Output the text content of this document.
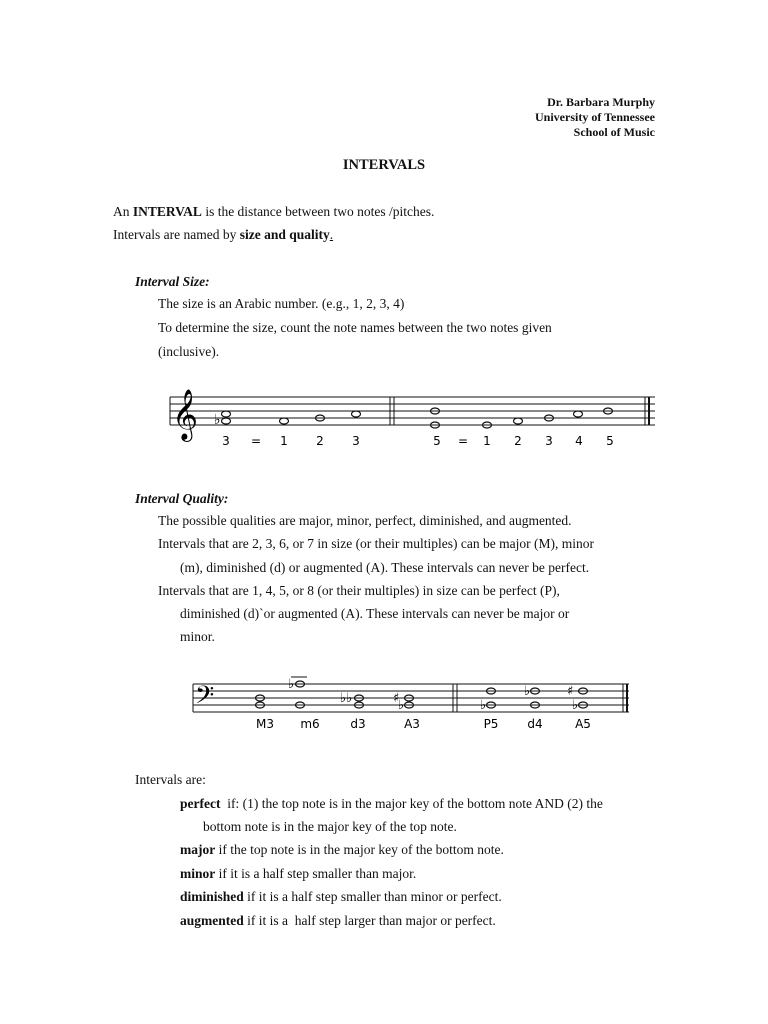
Dr. Barbara Murphy
University of Tennessee
School of Music
INTERVALS
An INTERVAL is the distance between two notes /pitches.
Intervals are named by size and quality.
Interval Size:
The size is an Arabic number. (e.g., 1, 2, 3, 4)
To determine the size, count the note names between the two notes given
(inclusive).
𝄞 ♭
3 = 1 2 3	5 = 1 2 3 4 5
Interval Quality:
The possible qualities are major, minor, perfect, diminished, and augmented.
Intervals that are 2, 3, 6, or 7 in size (or their multiples) can be major (M), minor
(m), diminished (d) or augmented (A). These intervals can never be perfect.
Intervals that are 1, 4, 5, or 8 (or their multiples) in size can be perfect (P),
diminished (d)`or augmented (A). These intervals can never be major or
minor.
𝄢	♭
♭♭	♯
♭	♭
♭	♯
♭
M3 m6	d3	A3	P5 d4	A5
Intervals are:
perfect  if: (1) the top note is in the major key of the bottom note AND (2) the
bottom note is in the major key of the top note.
major if the top note is in the major key of the bottom note.
minor if it is a half step smaller than major.
diminished if it is a half step smaller than minor or perfect.
augmented if it is a  half step larger than major or perfect.
